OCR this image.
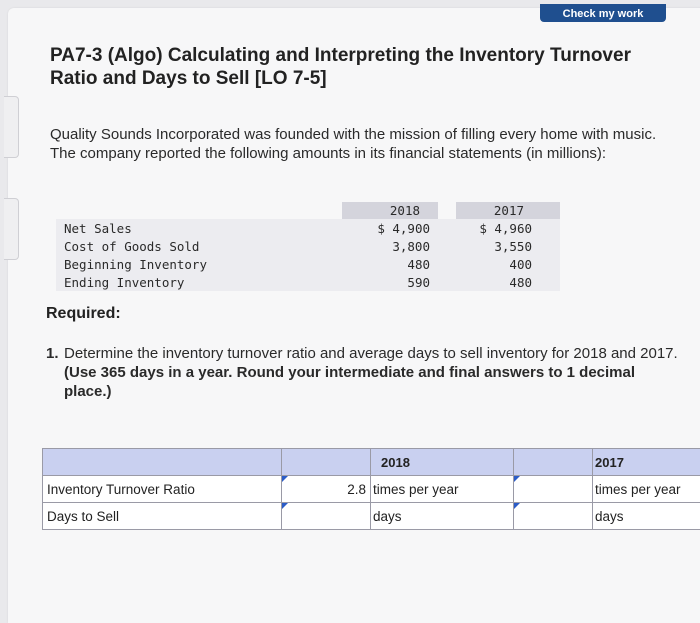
Check my work
PA7-3 (Algo) Calculating and Interpreting the Inventory Turnover Ratio and Days to Sell [LO 7-5]
Quality Sounds Incorporated was founded with the mission of filling every home with music. The company reported the following amounts in its financial statements (in millions):
	2018		2017
Net Sales	$ 4,900		$ 4,960
Cost of Goods Sold	3,800		3,550
Beginning Inventory	480		400
Ending Inventory	590		480
Required:
1. Determine the inventory turnover ratio and average days to sell inventory for 2018 and 2017. (Use 365 days in a year. Round your intermediate and final answers to 1 decimal place.)
		2018		2017
Inventory Turnover Ratio	2.8	times per year		times per year
Days to Sell		days		days
